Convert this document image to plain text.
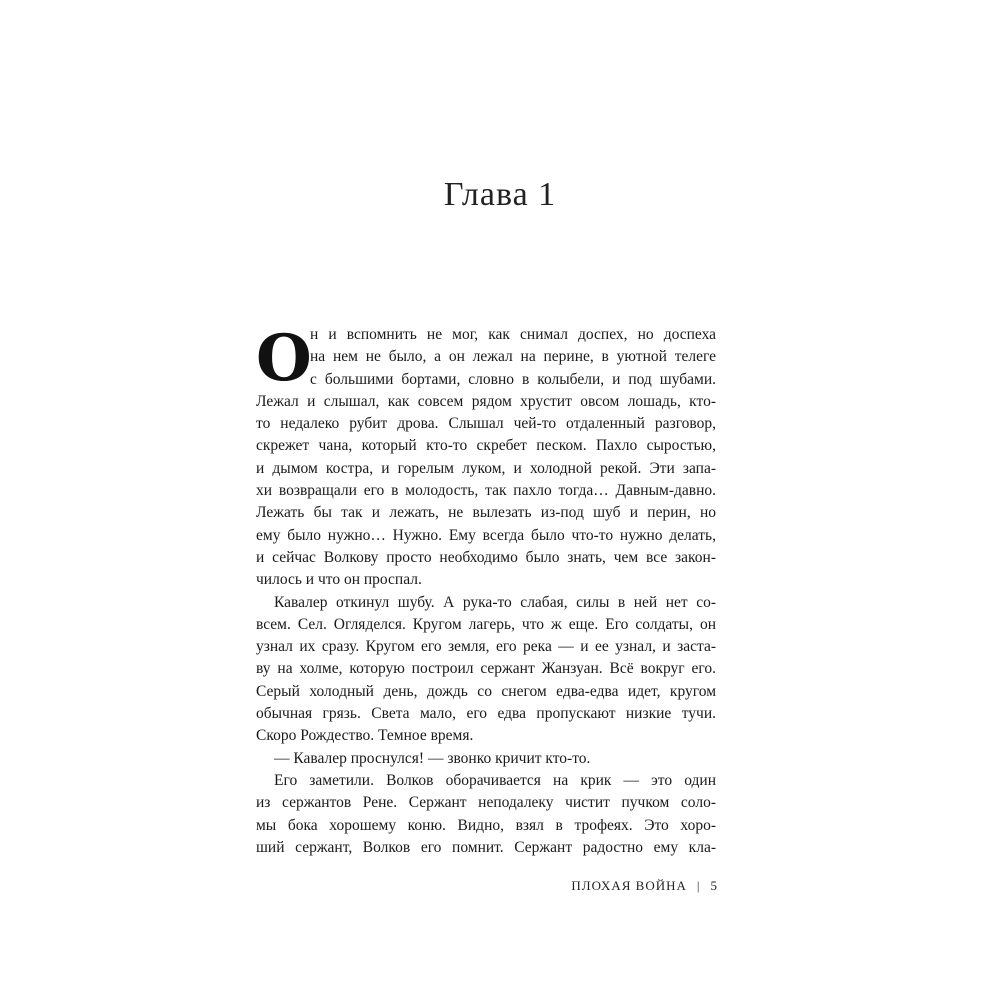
Глава 1
О
н и вспомнить не мог, как снимал доспех, но доспеха
на нем не было, а он лежал на перине, в уютной телеге
с большими бортами, словно в колыбели, и под шубами.
Лежал и слышал, как совсем рядом хрустит овсом лошадь, кто-
то недалеко рубит дрова. Слышал чей-то отдаленный разговор,
скрежет чана, который кто-то скребет песком. Пахло сыростью,
и дымом костра, и горелым луком, и холодной рекой. Эти запа-
хи возвращали его в молодость, так пахло тогда… Давным-давно.
Лежать бы так и лежать, не вылезать из-под шуб и перин, но
ему было нужно… Нужно. Ему всегда было что-то нужно делать,
и сейчас Волкову просто необходимо было знать, чем все закон-
чилось и что он проспал.
Кавалер откинул шубу. А рука-то слабая, силы в ней нет со-
всем. Сел. Огляделся. Кругом лагерь, что ж еще. Его солдаты, он
узнал их сразу. Кругом его земля, его река — и ее узнал, и заста-
ву на холме, которую построил сержант Жанзуан. Всё вокруг его.
Серый холодный день, дождь со снегом едва-едва идет, кругом
обычная грязь. Света мало, его едва пропускают низкие тучи.
Скоро Рождество. Темное время.
— Кавалер проснулся! — звонко кричит кто-то.
Его заметили. Волков оборачивается на крик — это один
из сержантов Рене. Сержант неподалеку чистит пучком соло-
мы бока хорошему коню. Видно, взял в трофеях. Это хоро-
ший сержант, Волков его помнит. Сержант радостно ему кла-
ПЛОХАЯ ВОЙНА | 5
